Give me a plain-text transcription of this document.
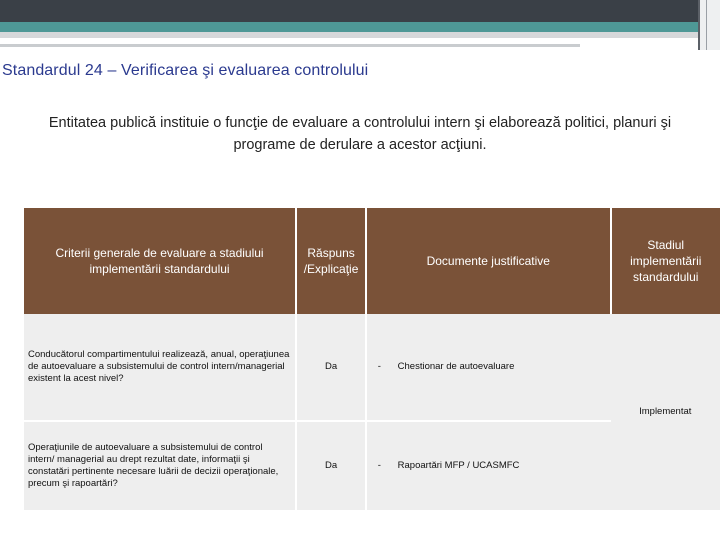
Standardul 24 – Verificarea şi evaluarea controlului
Entitatea publică instituie o funcţie de evaluare a controlului intern şi elaborează politici, planuri şi programe de derulare a acestor acţiuni.
Criterii generale de evaluare a stadiului implementării standardului	Răspuns /Explicaţie	Documente justificative		Stadiul implementării standardului
Conducătorul compartimentului realizează, anual, operaţiunea de autoevaluare a subsistemului de control intern/managerial existent la acest nivel?	Da	-	Chestionar de autoevaluare	Implementat
Operaţiunile de autoevaluare a subsistemului de control intern/ managerial au drept rezultat date, informaţii şi constatări pertinente necesare luării de decizii operaţionale, precum şi rapoartări?	Da	-	Rapoartări MFP / UCASMFC	
